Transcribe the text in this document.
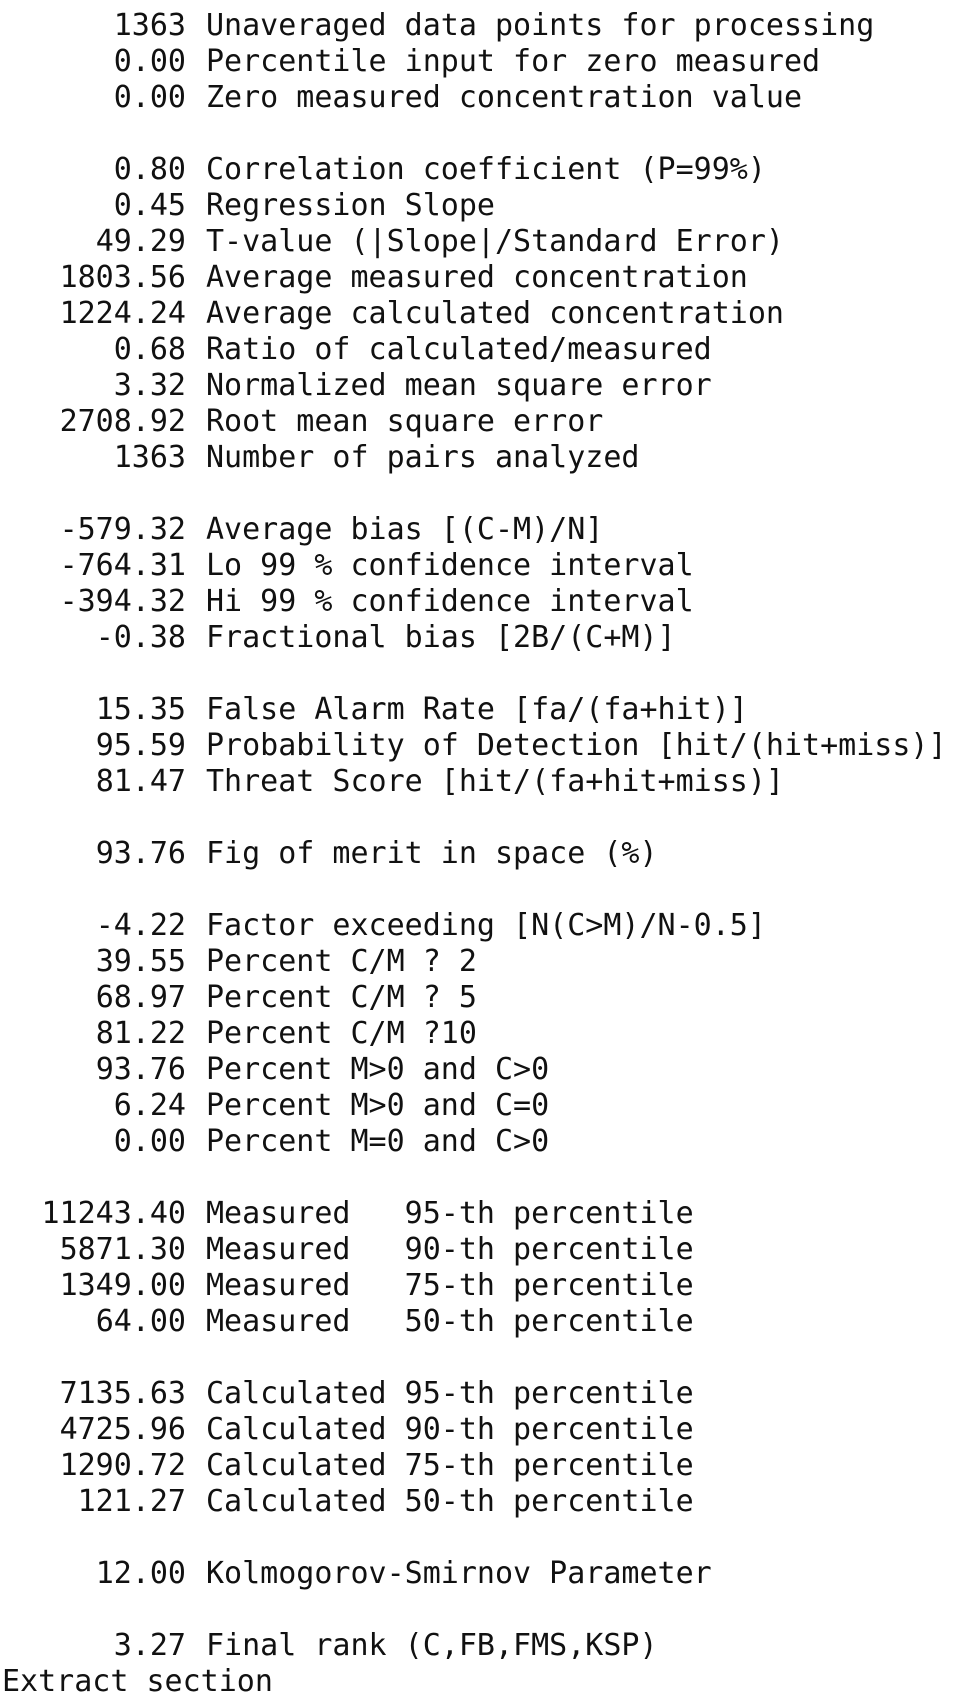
1363 Unaveraged data points for processing
0.00 Percentile input for zero measured
0.00 Zero measured concentration value
0.80 Correlation coefficient (P=99%)
0.45 Regression Slope
49.29 T-value (|Slope|/Standard Error)
1803.56 Average measured concentration
1224.24 Average calculated concentration
0.68 Ratio of calculated/measured
3.32 Normalized mean square error
2708.92 Root mean square error
1363 Number of pairs analyzed
-579.32 Average bias [(C-M)/N]
-764.31 Lo 99 % confidence interval
-394.32 Hi 99 % confidence interval
-0.38 Fractional bias [2B/(C+M)]
15.35 False Alarm Rate [fa/(fa+hit)]
95.59 Probability of Detection [hit/(hit+miss)]
81.47 Threat Score [hit/(fa+hit+miss)]
93.76 Fig of merit in space (%)
-4.22 Factor exceeding [N(C>M)/N-0.5]
39.55 Percent C/M ? 2
68.97 Percent C/M ? 5
81.22 Percent C/M ?10
93.76 Percent M>0 and C>0
6.24 Percent M>0 and C=0
0.00 Percent M=0 and C>0
11243.40 Measured   95-th percentile
5871.30 Measured   90-th percentile
1349.00 Measured   75-th percentile
64.00 Measured   50-th percentile
7135.63 Calculated 95-th percentile
4725.96 Calculated 90-th percentile
1290.72 Calculated 75-th percentile
121.27 Calculated 50-th percentile
12.00 Kolmogorov-Smirnov Parameter
3.27 Final rank (C,FB,FMS,KSP)
Extract section
